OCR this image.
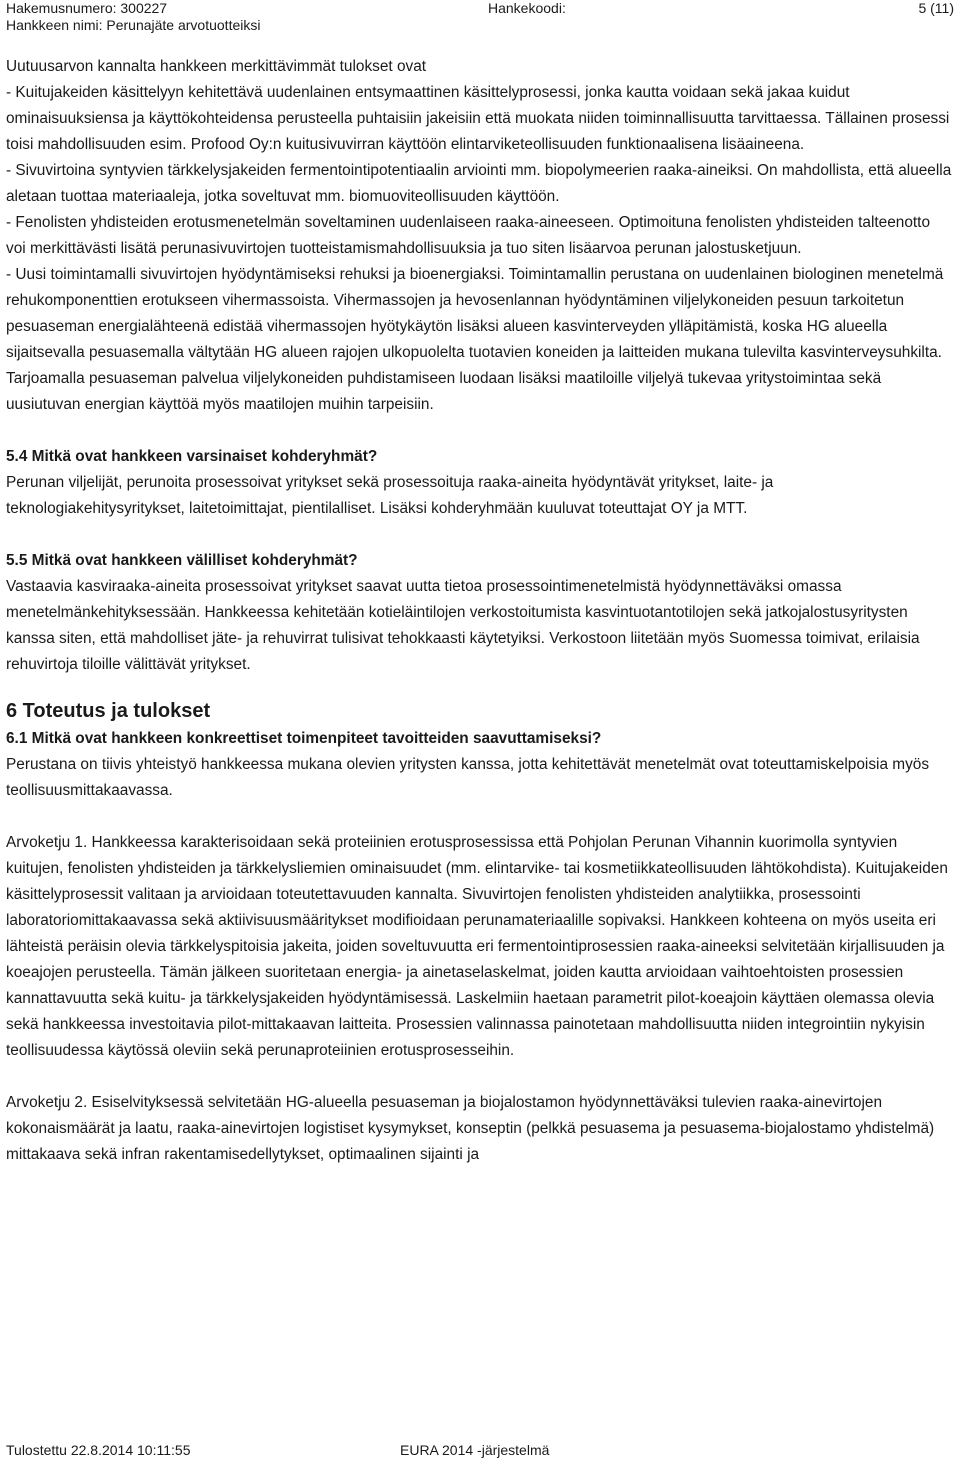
Hakemusnumero: 300227
Hankkeen nimi: Perunajäte arvotuotteiksi
Hankekoodi:	5 (11)

Uutuusarvon kannalta hankkeen merkittävimmät tulokset ovat

- Kuitujakeiden käsittelyyn kehitettävä uudenlainen entsymaattinen käsittelyprosessi, jonka kautta voidaan sekä jakaa kuidut ominaisuuksiensa ja käyttökohteidensa perusteella puhtaisiin jakeisiin että muokata niiden toiminnallisuutta tarvittaessa. Tällainen prosessi toisi mahdollisuuden esim. Profood Oy:n kuitusivuvirran käyttöön elintarviketeollisuuden funktionaalisena lisäaineena.

- Sivuvirtoina syntyvien tärkkelysjakeiden fermentointipotentiaalin arviointi mm. biopolymeerien raaka-aineiksi. On mahdollista, että alueella aletaan tuottaa materiaaleja, jotka soveltuvat mm. biomuoviteollisuuden käyttöön.

- Fenolisten yhdisteiden erotusmenetelmän soveltaminen uudenlaiseen raaka-aineeseen. Optimoituna fenolisten yhdisteiden talteenotto voi merkittävästi lisätä perunasivuvirtojen tuotteistamismahdollisuuksia ja tuo siten lisäarvoa perunan jalostusketjuun.

- Uusi toimintamalli sivuvirtojen hyödyntämiseksi rehuksi ja bioenergiaksi. Toimintamallin perustana on uudenlainen biologinen menetelmä rehukomponenttien erotukseen vihermassoista. Vihermassojen ja hevosenlannan hyödyntäminen viljelykoneiden pesuun tarkoitetun pesuaseman energialähteenä edistää vihermassojen hyötykäytön lisäksi alueen kasvinterveyden ylläpitämistä, koska HG alueella sijaitsevalla pesuasemalla vältytään HG alueen rajojen ulkopuolelta tuotavien koneiden ja laitteiden mukana tulevilta kasvinterveysuhkilta. Tarjoamalla pesuaseman palvelua viljelykoneiden puhdistamiseen luodaan lisäksi maatiloille viljelyä tukevaa yritystoimintaa sekä uusiutuvan energian käyttöä myös maatilojen muihin tarpeisiin.

5.4 Mitkä ovat hankkeen varsinaiset kohderyhmät?

Perunan viljelijät, perunoita prosessoivat yritykset sekä prosessoituja raaka-aineita hyödyntävät yritykset, laite- ja teknologiakehitysyritykset, laitetoimittajat, pientilalliset. Lisäksi kohderyhmään kuuluvat toteuttajat OY ja MTT.

5.5 Mitkä ovat hankkeen välilliset kohderyhmät?

Vastaavia kasviraaka-aineita prosessoivat yritykset saavat uutta tietoa prosessointimenetelmistä hyödynnettäväksi omassa menetelmänkehityksessään. Hankkeessa kehitetään kotieläintilojen verkostoitumista kasvintuotantotilojen sekä jatkojalostusyritysten kanssa siten, että mahdolliset jäte- ja rehuvirrat tulisivat tehokkaasti käytetyiksi. Verkostoon liitetään myös Suomessa toimivat, erilaisia rehuvirtoja tiloille välittävät yritykset.

6 Toteutus ja tulokset
6.1 Mitkä ovat hankkeen konkreettiset toimenpiteet tavoitteiden saavuttamiseksi?

Perustana on tiivis yhteistyö hankkeessa mukana olevien yritysten kanssa, jotta kehitettävät menetelmät ovat toteuttamiskelpoisia myös teollisuusmittakaavassa.

Arvoketju 1. Hankkeessa karakterisoidaan sekä proteiinien erotusprosessissa että Pohjolan Perunan Vihannin kuorimolla syntyvien kuitujen, fenolisten yhdisteiden ja tärkkelysliemien ominaisuudet (mm. elintarvike- tai kosmetiikkateollisuuden lähtökohdista). Kuitujakeiden käsittelyprosessit valitaan ja arvioidaan toteutettavuuden kannalta. Sivuvirtojen fenolisten yhdisteiden analytiikka, prosessointi laboratoriomittakaavassa sekä aktiivisuusmääritykset modifioidaan perunamateriaalille sopivaksi. Hankkeen kohteena on myös useita eri lähteistä peräisin olevia tärkkelyspitoisia jakeita, joiden soveltuvuutta eri fermentointiprosessien raaka-aineeksi selvitetään kirjallisuuden ja koeajojen perusteella. Tämän jälkeen suoritetaan energia- ja ainetaselaskelmat, joiden kautta arvioidaan vaihtoehtoisten prosessien kannattavuutta sekä kuitu- ja tärkkelysjakeiden hyödyntämisessä. Laskelmiin haetaan parametrit pilot-koeajoin käyttäen olemassa olevia sekä hankkeessa investoitavia pilot-mittakaavan laitteita. Prosessien valinnassa painotetaan mahdollisuutta niiden integrointiin nykyisin teollisuudessa käytössä oleviin sekä perunaproteiinien erotusprosesseihin.

Arvoketju 2. Esiselvityksessä selvitetään HG-alueella pesuaseman ja biojalostamon hyödynnettäväksi tulevien raaka-ainevirtojen kokonaismäärät ja laatu, raaka-ainevirtojen logistiset kysymykset, konseptin (pelkkä pesuasema ja pesuasema-biojalostamo yhdistelmä) mittakaava sekä infran rakentamisedellytykset, optimaalinen sijainti ja

Tulostettu 22.8.2014 10:11:55	EURA 2014 -järjestelmä
